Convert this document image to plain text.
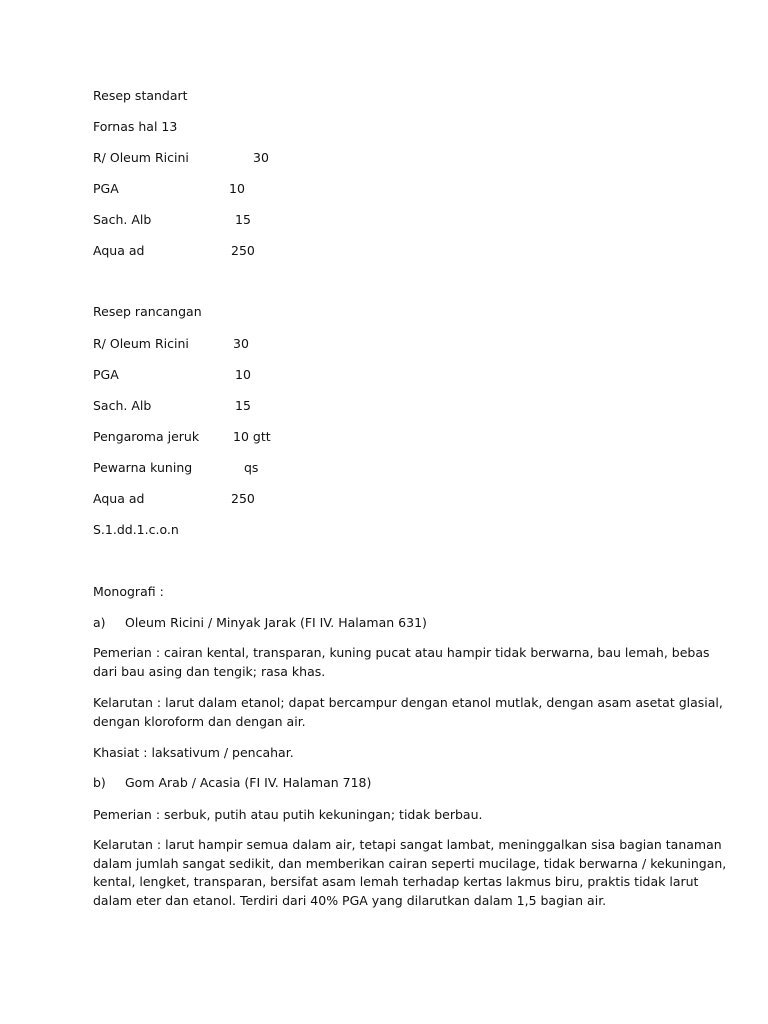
Resep standart
Fornas hal 13
R/ Oleum Ricini	30
PGA	10
Sach. Alb	15
Aqua ad	250
Resep rancangan
R/ Oleum Ricini	30
PGA	10
Sach. Alb	15
Pengaroma jeruk	10 gtt
Pewarna kuning	qs
Aqua ad	250
S.1.dd.1.c.o.n
Monografi :
a) Oleum Ricini / Minyak Jarak (FI IV. Halaman 631)
Pemerian : cairan kental, transparan, kuning pucat atau hampir tidak berwarna, bau lemah, bebas
dari bau asing dan tengik; rasa khas.
Kelarutan : larut dalam etanol; dapat bercampur dengan etanol mutlak, dengan asam asetat glasial,
dengan kloroform dan dengan air.
Khasiat : laksativum / pencahar.
b) Gom Arab / Acasia (FI IV. Halaman 718)
Pemerian : serbuk, putih atau putih kekuningan; tidak berbau.
Kelarutan : larut hampir semua dalam air, tetapi sangat lambat, meninggalkan sisa bagian tanaman
dalam jumlah sangat sedikit, dan memberikan cairan seperti mucilage, tidak berwarna / kekuningan,
kental, lengket, transparan, bersifat asam lemah terhadap kertas lakmus biru, praktis tidak larut
dalam eter dan etanol. Terdiri dari 40% PGA yang dilarutkan dalam 1,5 bagian air.
